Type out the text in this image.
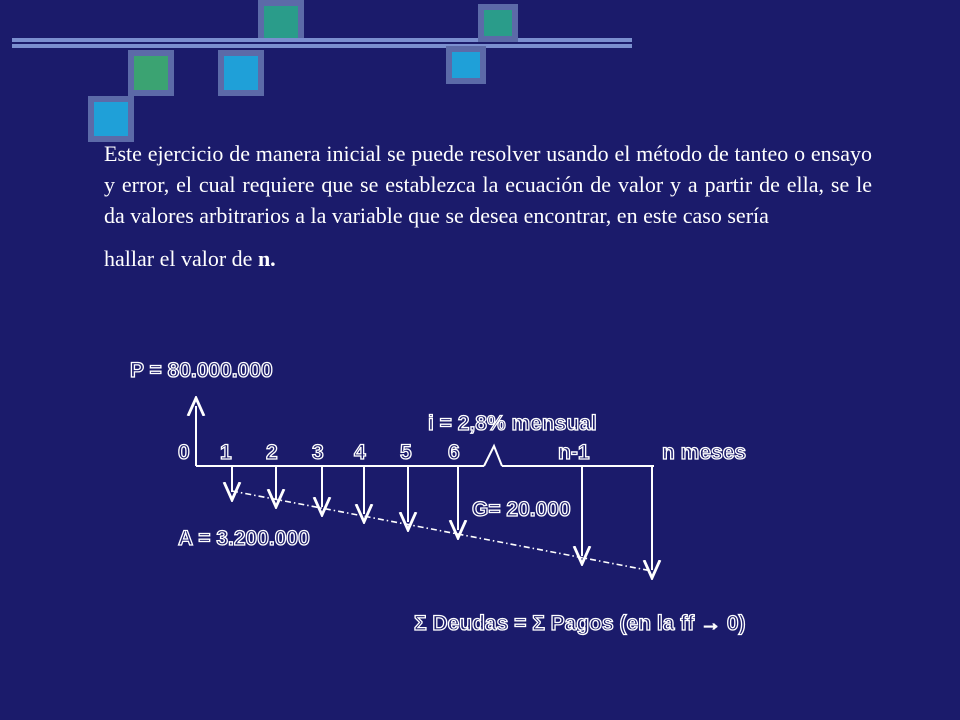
Este ejercicio de manera inicial se puede resolver usando el método de tanteo o ensayo y error, el cual requiere que se establezca la ecuación de valor y a partir de ella, se le da valores arbitrarios a la variable que se desea encontrar, en este caso sería
hallar el valor de n.
P = 80.000.000
i = 2,8% mensual
0 1 2 3 4 5 6	n-1	n meses
G= 20.000
A = 3.200.000
Σ Deudas = Σ Pagos (en la ff → 0)
